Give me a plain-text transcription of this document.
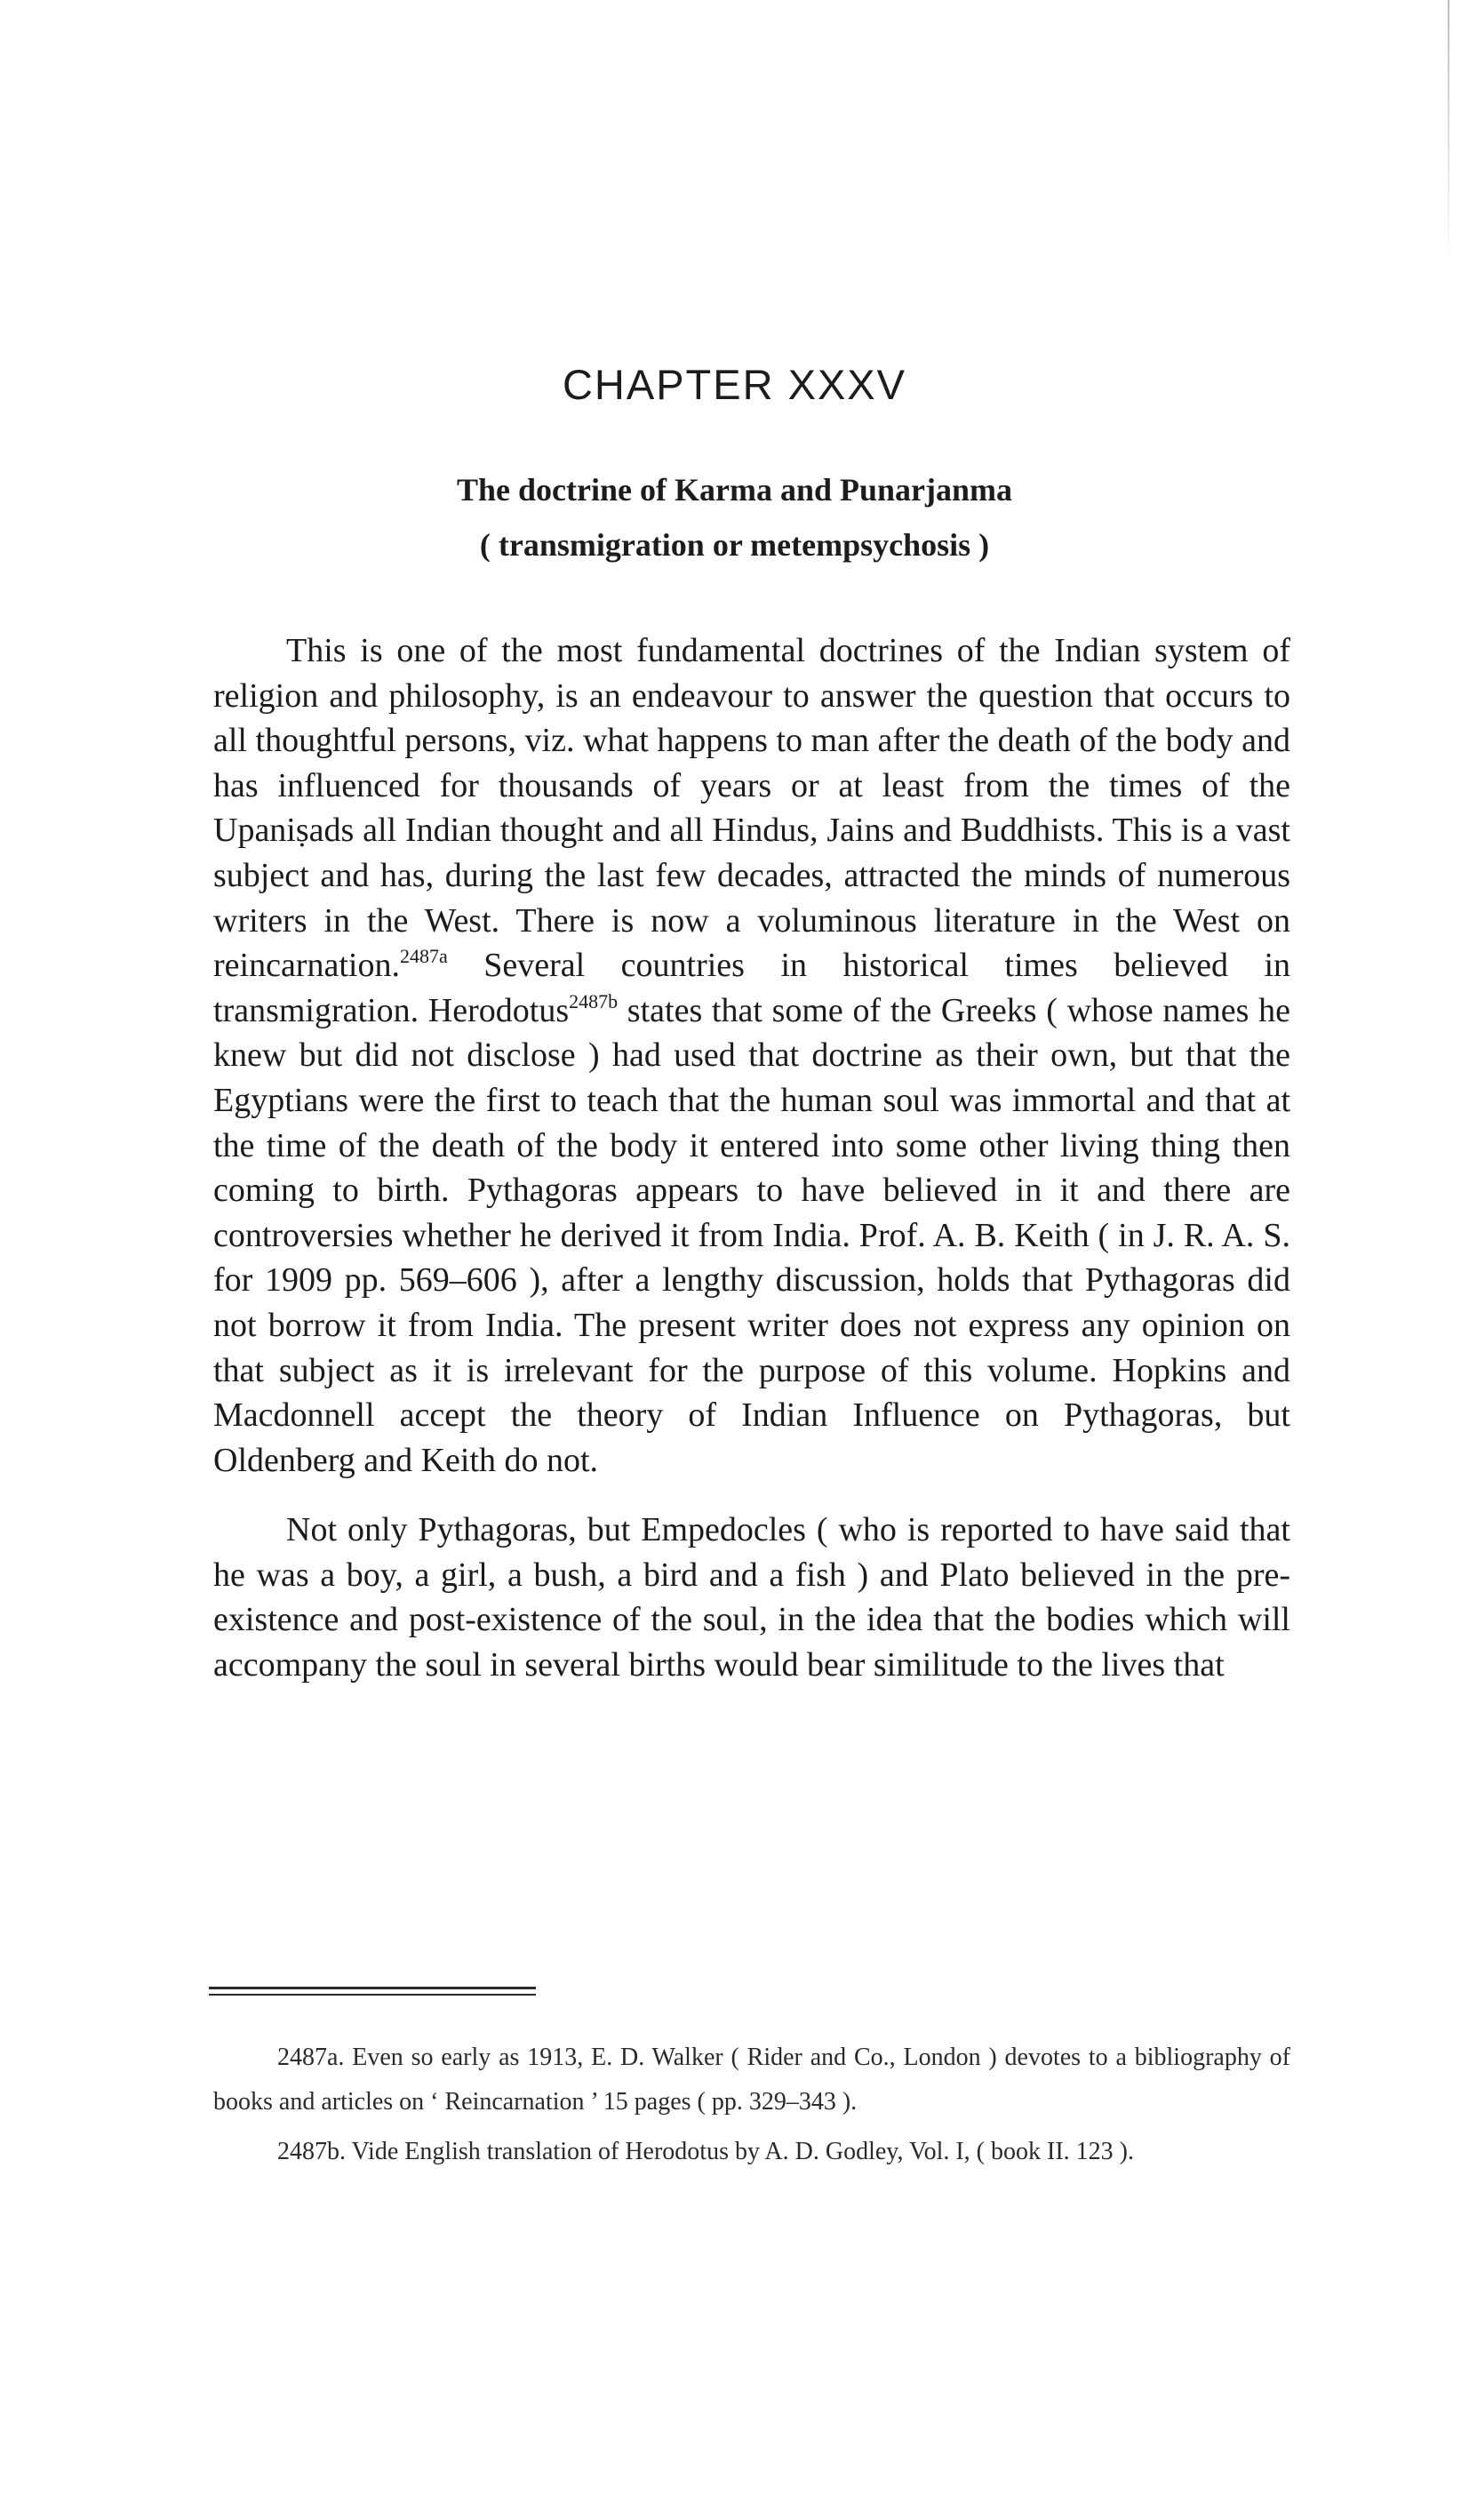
CHAPTER XXXV
The doctrine of Karma and Punarjanma
( transmigration or metempsychosis )

This is one of the most fundamental doctrines of the Indian system of religion and philosophy, is an endeavour to answer the question that occurs to all thoughtful persons, viz. what happens to man after the death of the body and has influenced for thousands of years or at least from the times of the Upaniṣads all Indian thought and all Hindus, Jains and Buddhists. This is a vast subject and has, during the last few decades, attracted the minds of numerous writers in the West. There is now a voluminous literature in the West on reincarnation.$^{2487a}$ Several countries in historical times believed in transmigration. Herodotus$^{2487b}$ states that some of the Greeks ( whose names he knew but did not disclose ) had used that doctrine as their own, but that the Egyptians were the first to teach that the human soul was immortal and that at the time of the death of the body it entered into some other living thing then coming to birth. Pythagoras appears to have believed in it and there are controversies whether he derived it from India. Prof. A. B. Keith ( in J. R. A. S. for 1909 pp. 569–606 ), after a lengthy discussion, holds that Pythagoras did not borrow it from India. The present writer does not express any opinion on that subject as it is irrelevant for the purpose of this volume. Hopkins and Macdonnell accept the theory of Indian Influence on Pythagoras, but Oldenberg and Keith do not.

Not only Pythagoras, but Empedocles ( who is reported to have said that he was a boy, a girl, a bush, a bird and a fish ) and Plato believed in the pre-existence and post-existence of the soul, in the idea that the bodies which will accompany the soul in several births would bear similitude to the lives that

2487a. Even so early as 1913, E. D. Walker ( Rider and Co., London ) devotes to a bibliography of books and articles on ‘ Reincarnation ’ 15 pages ( pp. 329–343 ).

2487b. Vide English translation of Herodotus by A. D. Godley, Vol. I, ( book II. 123 ).
